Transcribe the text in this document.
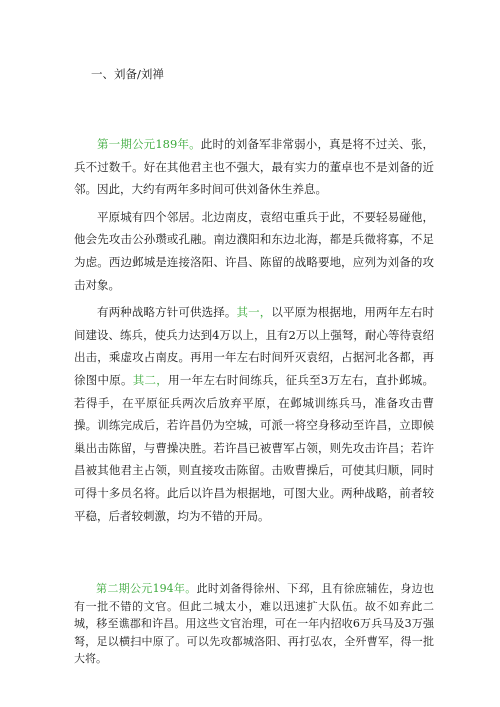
一、刘备/刘禅

第一期公元189年。此时的刘备军非常弱小，真是将不过关、张，兵不过数千。好在其他君主也不强大，最有实力的董卓也不是刘备的近邻。因此，大约有两年多时间可供刘备休生养息。

平原城有四个邻居。北边南皮，袁绍屯重兵于此，不要轻易碰他，他会先攻击公孙瓒或孔融。南边濮阳和东边北海，都是兵微将寡，不足为虑。西边邺城是连接洛阳、许昌、陈留的战略要地，应列为刘备的攻击对象。

有两种战略方针可供选择。其一，以平原为根据地，用两年左右时间建设、练兵，使兵力达到4万以上，且有2万以上强弩，耐心等待袁绍出击，乘虚攻占南皮。再用一年左右时间歼灭袁绍，占据河北各都，再徐图中原。其二，用一年左右时间练兵，征兵至3万左右，直扑邺城。若得手，在平原征兵两次后放弃平原，在邺城训练兵马，准备攻击曹操。训练完成后，若许昌仍为空城，可派一将空身移动至许昌，立即候巢出击陈留，与曹操决胜。若许昌已被曹军占领，则先攻击许昌；若许昌被其他君主占领，则直接攻击陈留。击败曹操后，可使其归顺，同时可得十多员名将。此后以许昌为根据地，可图大业。两种战略，前者较平稳，后者较刺激，均为不错的开局。

第二期公元194年。此时刘备得徐州、下邳，且有徐庶辅佐，身边也有一批不错的文官。但此二城太小，难以迅速扩大队伍。故不如弃此二城，移至谯郡和许昌。用这些文官治理，可在一年内招收6万兵马及3万强弩，足以横扫中原了。可以先攻都城洛阳、再打弘农，全歼曹军，得一批大将。
